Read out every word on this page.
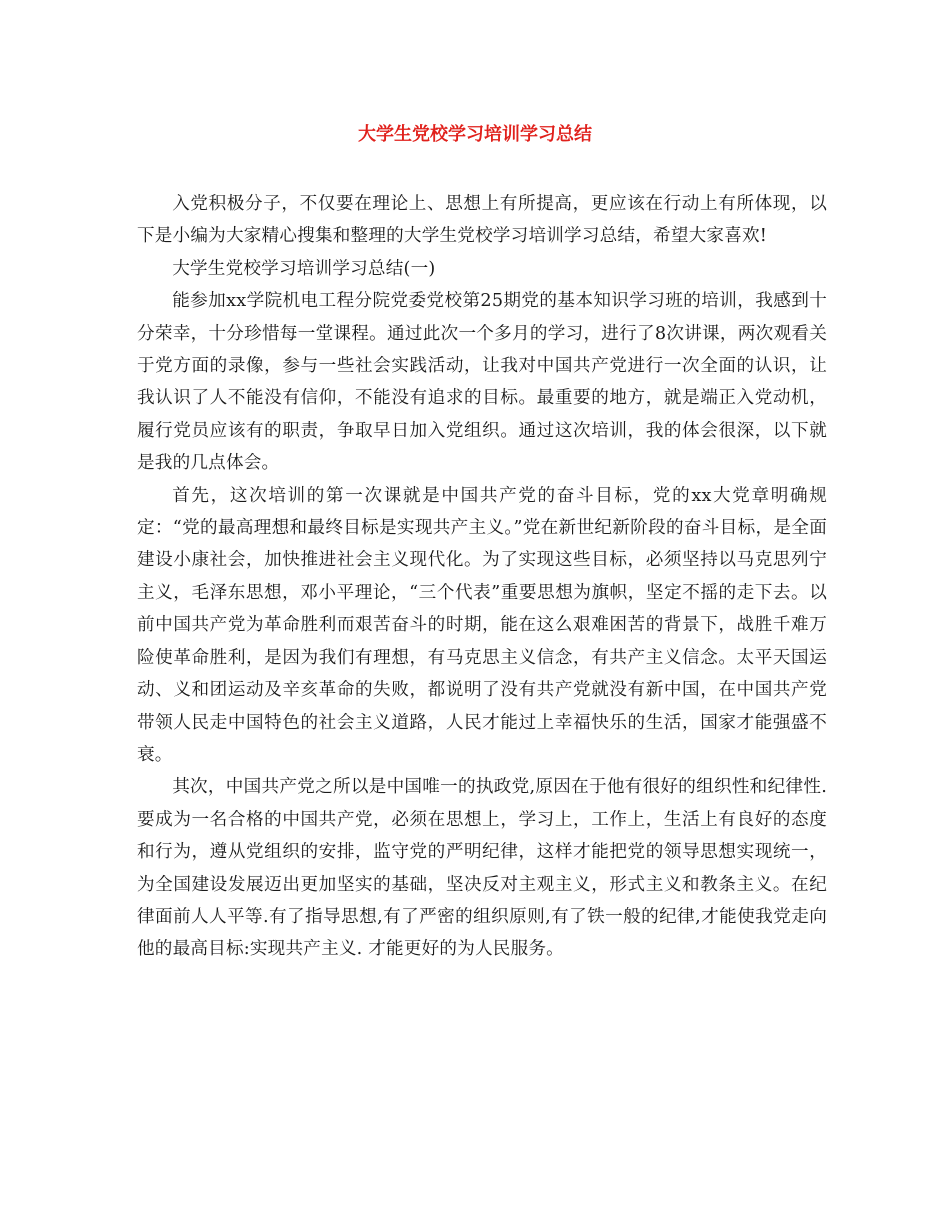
大学生党校学习培训学习总结

入党积极分子，不仅要在理论上、思想上有所提高，更应该在行动上有所体现，以下是小编为大家精心搜集和整理的大学生党校学习培训学习总结，希望大家喜欢!

大学生党校学习培训学习总结(一)

能参加xx学院机电工程分院党委党校第25期党的基本知识学习班的培训，我感到十分荣幸，十分珍惜每一堂课程。通过此次一个多月的学习，进行了8次讲课，两次观看关于党方面的录像，参与一些社会实践活动，让我对中国共产党进行一次全面的认识，让我认识了人不能没有信仰，不能没有追求的目标。最重要的地方，就是端正入党动机，履行党员应该有的职责，争取早日加入党组织。通过这次培训，我的体会很深，以下就是我的几点体会。

首先，这次培训的第一次课就是中国共产党的奋斗目标，党的xx大党章明确规定：“党的最高理想和最终目标是实现共产主义。”党在新世纪新阶段的奋斗目标，是全面建设小康社会，加快推进社会主义现代化。为了实现这些目标，必须坚持以马克思列宁主义，毛泽东思想，邓小平理论，“三个代表”重要思想为旗帜，坚定不摇的走下去。以前中国共产党为革命胜利而艰苦奋斗的时期，能在这么艰难困苦的背景下，战胜千难万险使革命胜利，是因为我们有理想，有马克思主义信念，有共产主义信念。太平天国运动、义和团运动及辛亥革命的失败，都说明了没有共产党就没有新中国，在中国共产党带领人民走中国特色的社会主义道路，人民才能过上幸福快乐的生活，国家才能强盛不衰。

其次，中国共产党之所以是中国唯一的执政党,原因在于他有很好的组织性和纪律性.要成为一名合格的中国共产党，必须在思想上，学习上，工作上，生活上有良好的态度和行为，遵从党组织的安排，监守党的严明纪律，这样才能把党的领导思想实现统一，为全国建设发展迈出更加坚实的基础，坚决反对主观主义，形式主义和教条主义。在纪律面前人人平等.有了指导思想,有了严密的组织原则,有了铁一般的纪律,才能使我党走向他的最高目标:实现共产主义. 才能更好的为人民服务。
